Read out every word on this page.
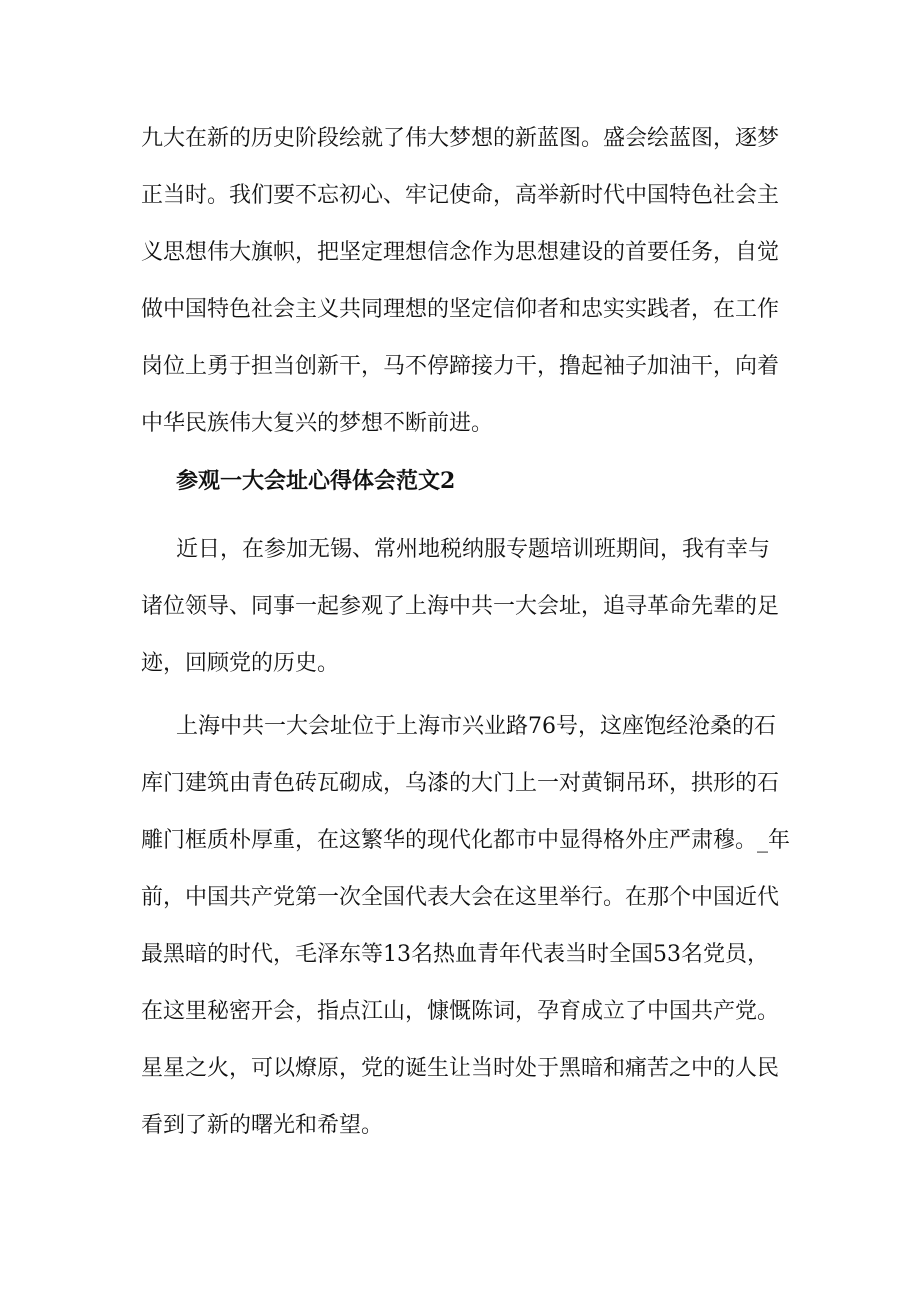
九大在新的历史阶段绘就了伟大梦想的新蓝图。盛会绘蓝图，逐梦
正当时。我们要不忘初心、牢记使命，高举新时代中国特色社会主
义思想伟大旗帜，把坚定理想信念作为思想建设的首要任务，自觉
做中国特色社会主义共同理想的坚定信仰者和忠实实践者，在工作
岗位上勇于担当创新干，马不停蹄接力干，撸起袖子加油干，向着
中华民族伟大复兴的梦想不断前进。
参观一大会址心得体会范文2
近日，在参加无锡、常州地税纳服专题培训班期间，我有幸与
诸位领导、同事一起参观了上海中共一大会址，追寻革命先辈的足
迹，回顾党的历史。
上海中共一大会址位于上海市兴业路76号，这座饱经沧桑的石
库门建筑由青色砖瓦砌成，乌漆的大门上一对黄铜吊环，拱形的石
雕门框质朴厚重，在这繁华的现代化都市中显得格外庄严肃穆。_年
前，中国共产党第一次全国代表大会在这里举行。在那个中国近代
最黑暗的时代，毛泽东等13名热血青年代表当时全国53名党员，
在这里秘密开会，指点江山，慷慨陈词，孕育成立了中国共产党。
星星之火，可以燎原，党的诞生让当时处于黑暗和痛苦之中的人民
看到了新的曙光和希望。
